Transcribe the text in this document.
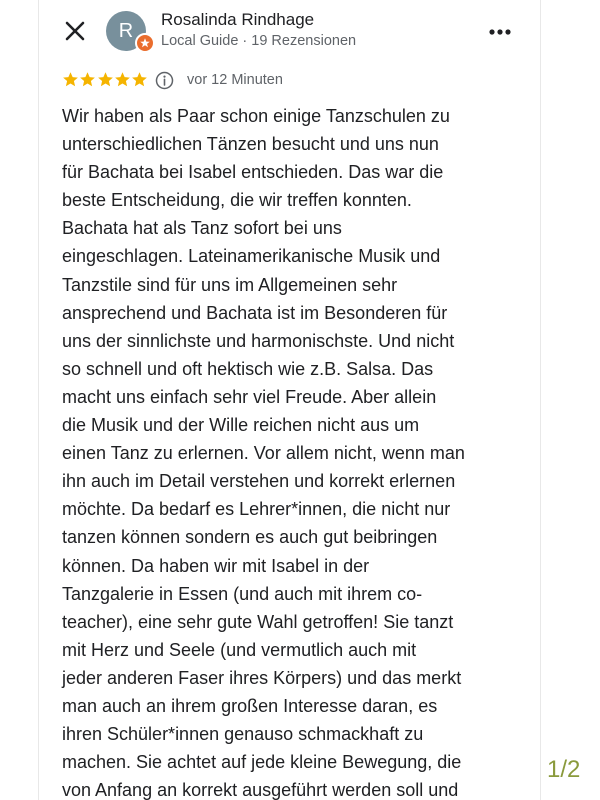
R
Rosalinda Rindhage
Local Guide · 19 Rezensionen
vor 12 Minuten
Wir haben als Paar schon einige Tanzschulen zu
unterschiedlichen Tänzen besucht und uns nun
für Bachata bei Isabel entschieden. Das war die
beste Entscheidung, die wir treffen konnten.
Bachata hat als Tanz sofort bei uns
eingeschlagen. Lateinamerikanische Musik und
Tanzstile sind für uns im Allgemeinen sehr
ansprechend und Bachata ist im Besonderen für
uns der sinnlichste und harmonischste. Und nicht
so schnell und oft hektisch wie z.B. Salsa. Das
macht uns einfach sehr viel Freude. Aber allein
die Musik und der Wille reichen nicht aus um
einen Tanz zu erlernen. Vor allem nicht, wenn man
ihn auch im Detail verstehen und korrekt erlernen
möchte. Da bedarf es Lehrer*innen, die nicht nur
tanzen können sondern es auch gut beibringen
können. Da haben wir mit Isabel in der
Tanzgalerie in Essen (und auch mit ihrem co-
teacher), eine sehr gute Wahl getroffen! Sie tanzt
mit Herz und Seele (und vermutlich auch mit
jeder anderen Faser ihres Körpers) und das merkt
man auch an ihrem großen Interesse daran, es
ihren Schüler*innen genauso schmackhaft zu
machen. Sie achtet auf jede kleine Bewegung, die
von Anfang an korrekt ausgeführt werden soll und
1/2
